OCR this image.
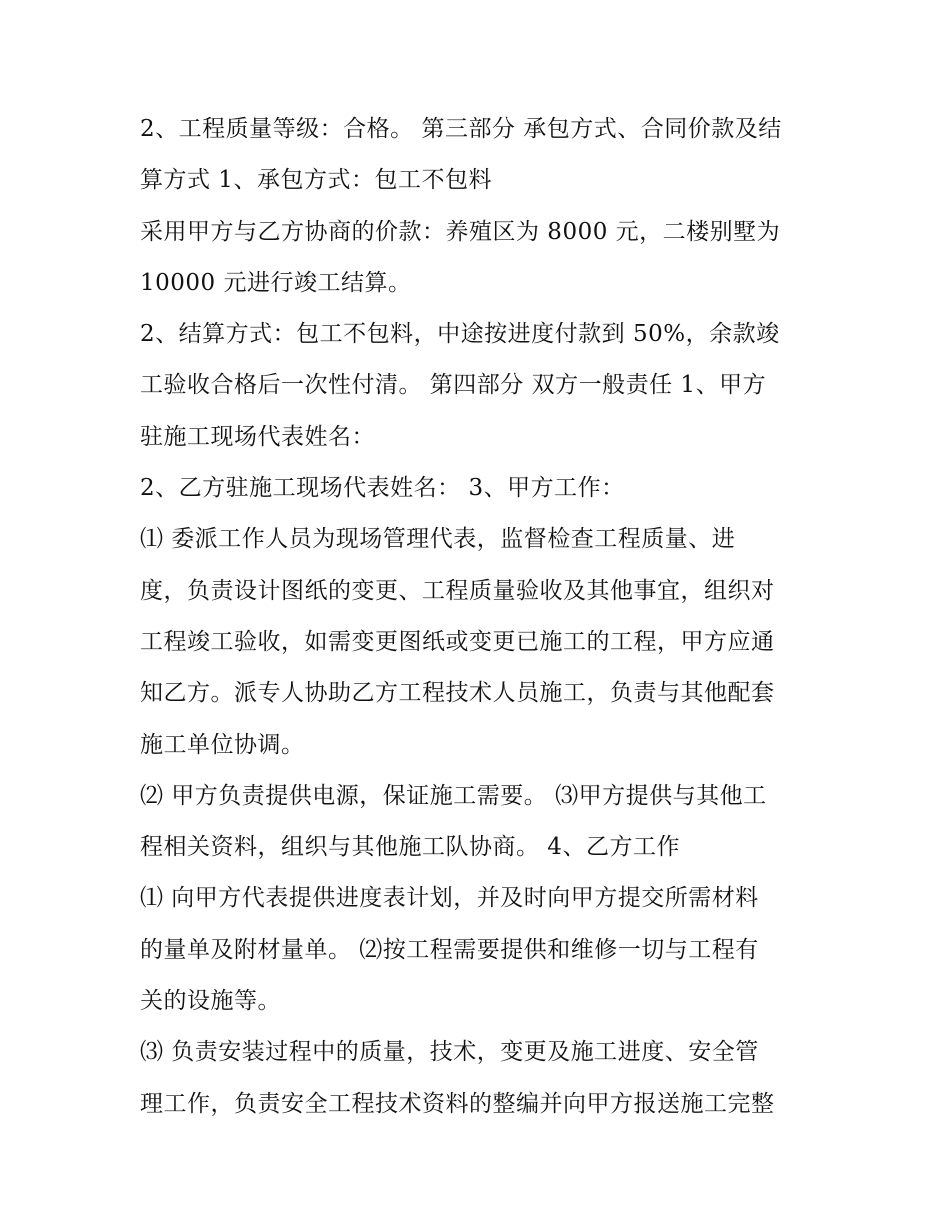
2、工程质量等级：合格。 第三部分 承包方式、合同价款及结
算方式 1、承包方式：包工不包料
采用甲方与乙方协商的价款：养殖区为 8000 元，二楼别墅为
10000 元进行竣工结算。
2、结算方式：包工不包料，中途按进度付款到 50%，余款竣
工验收合格后一次性付清。 第四部分 双方一般责任 1、甲方
驻施工现场代表姓名：
2、乙方驻施工现场代表姓名： 3、甲方工作：
⑴ 委派工作人员为现场管理代表，监督检查工程质量、进
度，负责设计图纸的变更、工程质量验收及其他事宜，组织对
工程竣工验收，如需变更图纸或变更已施工的工程，甲方应通
知乙方。派专人协助乙方工程技术人员施工，负责与其他配套
施工单位协调。
⑵ 甲方负责提供电源，保证施工需要。 ⑶甲方提供与其他工
程相关资料，组织与其他施工队协商。 4、乙方工作
⑴ 向甲方代表提供进度表计划，并及时向甲方提交所需材料
的量单及附材量单。 ⑵按工程需要提供和维修一切与工程有
关的设施等。
⑶ 负责安装过程中的质量，技术，变更及施工进度、安全管
理工作，负责安全工程技术资料的整编并向甲方报送施工完整
